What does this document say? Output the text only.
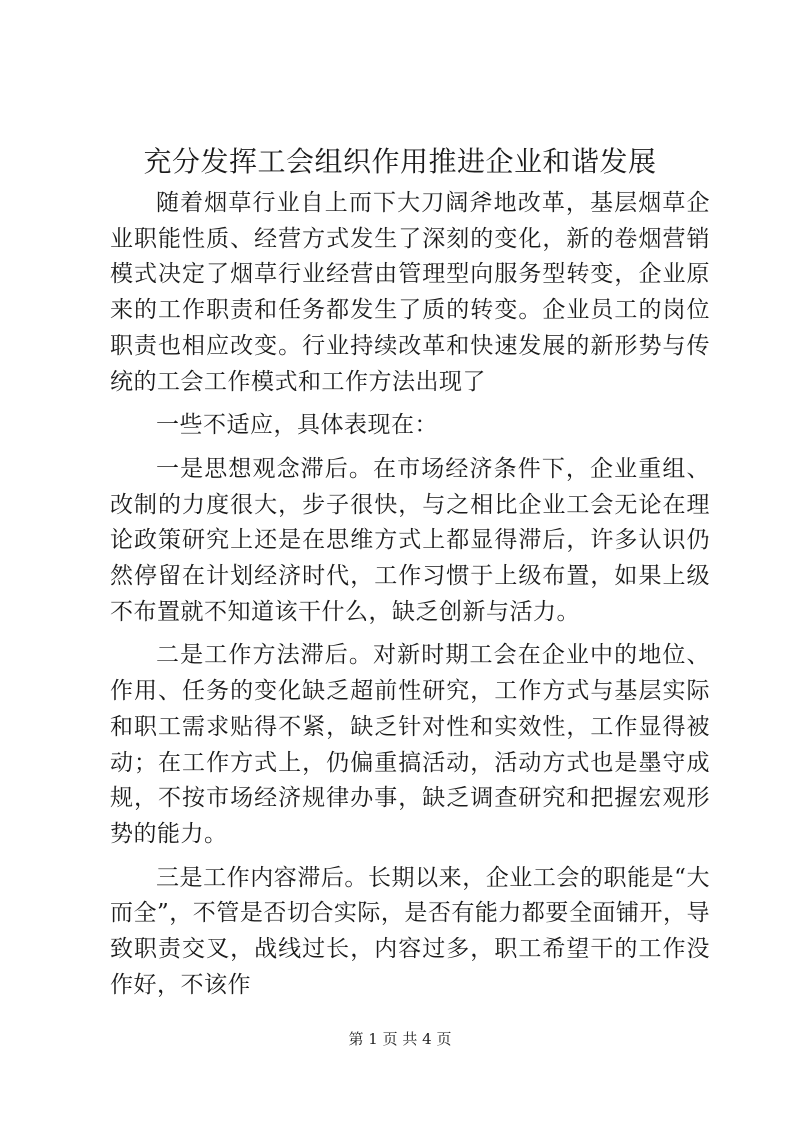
充分发挥工会组织作用推进企业和谐发展

随着烟草行业自上而下大刀阔斧地改革，基层烟草企业职能性质、经营方式发生了深刻的变化，新的卷烟营销模式决定了烟草行业经营由管理型向服务型转变，企业原来的工作职责和任务都发生了质的转变。企业员工的岗位职责也相应改变。行业持续改革和快速发展的新形势与传统的工会工作模式和工作方法出现了

一些不适应，具体表现在：

一是思想观念滞后。在市场经济条件下，企业重组、改制的力度很大，步子很快，与之相比企业工会无论在理论政策研究上还是在思维方式上都显得滞后，许多认识仍然停留在计划经济时代，工作习惯于上级布置，如果上级不布置就不知道该干什么，缺乏创新与活力。

二是工作方法滞后。对新时期工会在企业中的地位、作用、任务的变化缺乏超前性研究，工作方式与基层实际和职工需求贴得不紧，缺乏针对性和实效性，工作显得被动；在工作方式上，仍偏重搞活动，活动方式也是墨守成规，不按市场经济规律办事，缺乏调查研究和把握宏观形势的能力。

三是工作内容滞后。长期以来，企业工会的职能是“大而全”，不管是否切合实际，是否有能力都要全面铺开，导致职责交叉，战线过长，内容过多，职工希望干的工作没作好，不该作

第 1 页 共 4 页
